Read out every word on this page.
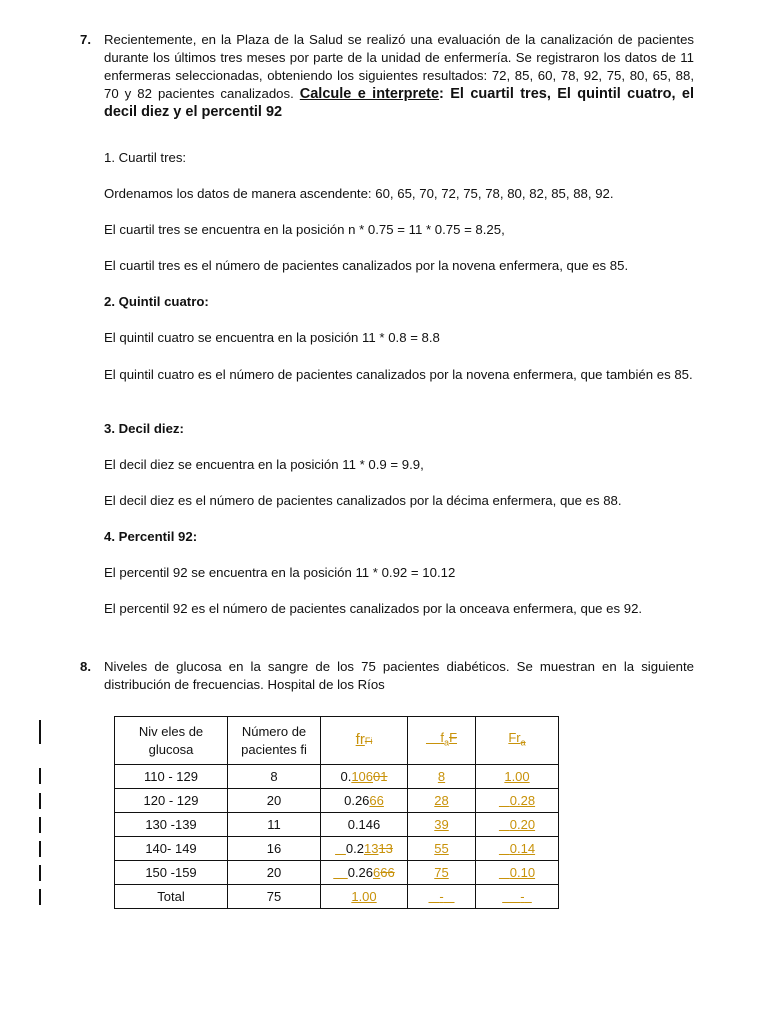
7. Recientemente, en la Plaza de la Salud se realizó una evaluación de la canalización de pacientes durante los últimos tres meses por parte de la unidad de enfermería. Se registraron los datos de 11 enfermeras seleccionadas, obteniendo los siguientes resultados: 72, 85, 60, 78, 92, 75, 80, 65, 88, 70 y 82 pacientes canalizados. Calcule e interprete: El cuartil tres, El quintil cuatro, el decil diez y el percentil 92
1. Cuartil tres:
Ordenamos los datos de manera ascendente: 60, 65, 70, 72, 75, 78, 80, 82, 85, 88, 92.
El cuartil tres se encuentra en la posición n * 0.75 = 11 * 0.75 = 8.25,
El cuartil tres es el número de pacientes canalizados por la novena enfermera, que es 85.
2. Quintil cuatro:
El quintil cuatro se encuentra en la posición 11 * 0.8 = 8.8
El quintil cuatro es el número de pacientes canalizados por la novena enfermera, que también es 85.
3. Decil diez:
El decil diez se encuentra en la posición 11 * 0.9 = 9.9,
El decil diez es el número de pacientes canalizados por la décima enfermera, que es 88.
4. Percentil 92:
El percentil 92 se encuentra en la posición 11 * 0.92 = 10.12
El percentil 92 es el número de pacientes canalizados por la onceava enfermera, que es 92.
8. Niveles de glucosa en la sangre de los 75 pacientes diabéticos. Se muestran en la siguiente distribución de frecuencias. Hospital de los Ríos
Niv eles de glucosa	Número de pacientes fi	frFi	$f_aF$	$Fr_a$
110 - 129	8	0.10601	8	1.00
120 - 129	20	0.2666	28	0.28
130 -139	11	0.146	39	0.20
140- 149	16	0.21313	55	0.14
150 -159	20	0.26666	75	0.10
Total	75	1.00	-	-
